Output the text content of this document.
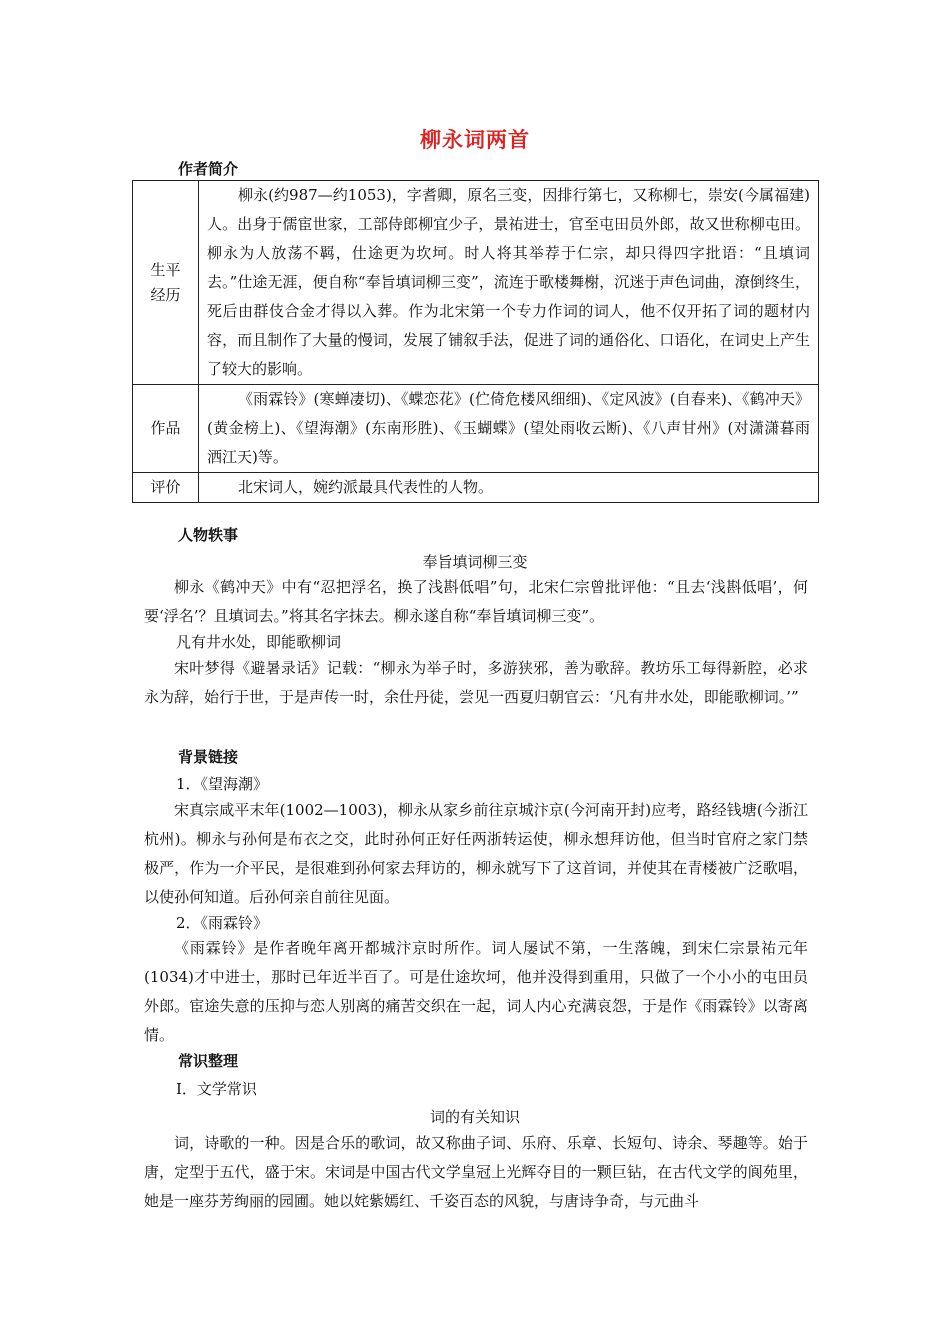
柳永词两首
作者简介
生平
经历	柳永(约987—约1053)，字耆卿，原名三变，因排行第七，又称柳七，崇安(今属福建)人。出身于儒宦世家，工部侍郎柳宜少子，景祐进士，官至屯田员外郎，故又世称柳屯田。柳永为人放荡不羁，仕途更为坎坷。时人将其举荐于仁宗，却只得四字批语：“且填词去。”仕途无涯，便自称“奉旨填词柳三变”，流连于歌楼舞榭，沉迷于声色词曲，潦倒终生，死后由群伎合金才得以入葬。作为北宋第一个专力作词的词人，他不仅开拓了词的题材内容，而且制作了大量的慢词，发展了铺叙手法，促进了词的通俗化、口语化，在词史上产生了较大的影响。

作品	《雨霖铃》(寒蝉凄切)、《蝶恋花》(伫倚危楼风细细)、《定风波》(自春来)、《鹤冲天》(黄金榜上)、《望海潮》(东南形胜)、《玉蝴蝶》(望处雨收云断)、《八声甘州》(对潇潇暮雨洒江天)等。

评价	北宋词人，婉约派最具代表性的人物。
人物轶事
奉旨填词柳三变

柳永《鹤冲天》中有“忍把浮名，换了浅斟低唱”句，北宋仁宗曾批评他：“且去‘浅斟低唱’，何要‘浮名’？且填词去。”将其名字抹去。柳永遂自称“奉旨填词柳三变”。

凡有井水处，即能歌柳词

宋叶梦得《避暑录话》记载：“柳永为举子时，多游狭邪，善为歌辞。教坊乐工每得新腔，必求永为辞，始行于世，于是声传一时，余仕丹徒，尝见一西夏归朝官云：‘凡有井水处，即能歌柳词。’”

背景链接
1．《望海潮》

宋真宗咸平末年(1002—1003)，柳永从家乡前往京城汴京(今河南开封)应考，路经钱塘(今浙江杭州)。柳永与孙何是布衣之交，此时孙何正好任两浙转运使，柳永想拜访他，但当时官府之家门禁极严，作为一介平民，是很难到孙何家去拜访的，柳永就写下了这首词，并使其在青楼被广泛歌唱，以使孙何知道。后孙何亲自前往见面。

2．《雨霖铃》

《雨霖铃》是作者晚年离开都城汴京时所作。词人屡试不第，一生落魄，到宋仁宗景祐元年(1034)才中进士，那时已年近半百了。可是仕途坎坷，他并没得到重用，只做了一个小小的屯田员外郎。宦途失意的压抑与恋人别离的痛苦交织在一起，词人内心充满哀怨，于是作《雨霖铃》以寄离情。

常识整理
Ⅰ．文学常识
词的有关知识

词，诗歌的一种。因是合乐的歌词，故又称曲子词、乐府、乐章、长短句、诗余、琴趣等。始于唐，定型于五代，盛于宋。宋词是中国古代文学皇冠上光辉夺目的一颗巨钻，在古代文学的阆苑里，她是一座芬芳绚丽的园圃。她以姹紫嫣红、千姿百态的风貌，与唐诗争奇，与元曲斗
